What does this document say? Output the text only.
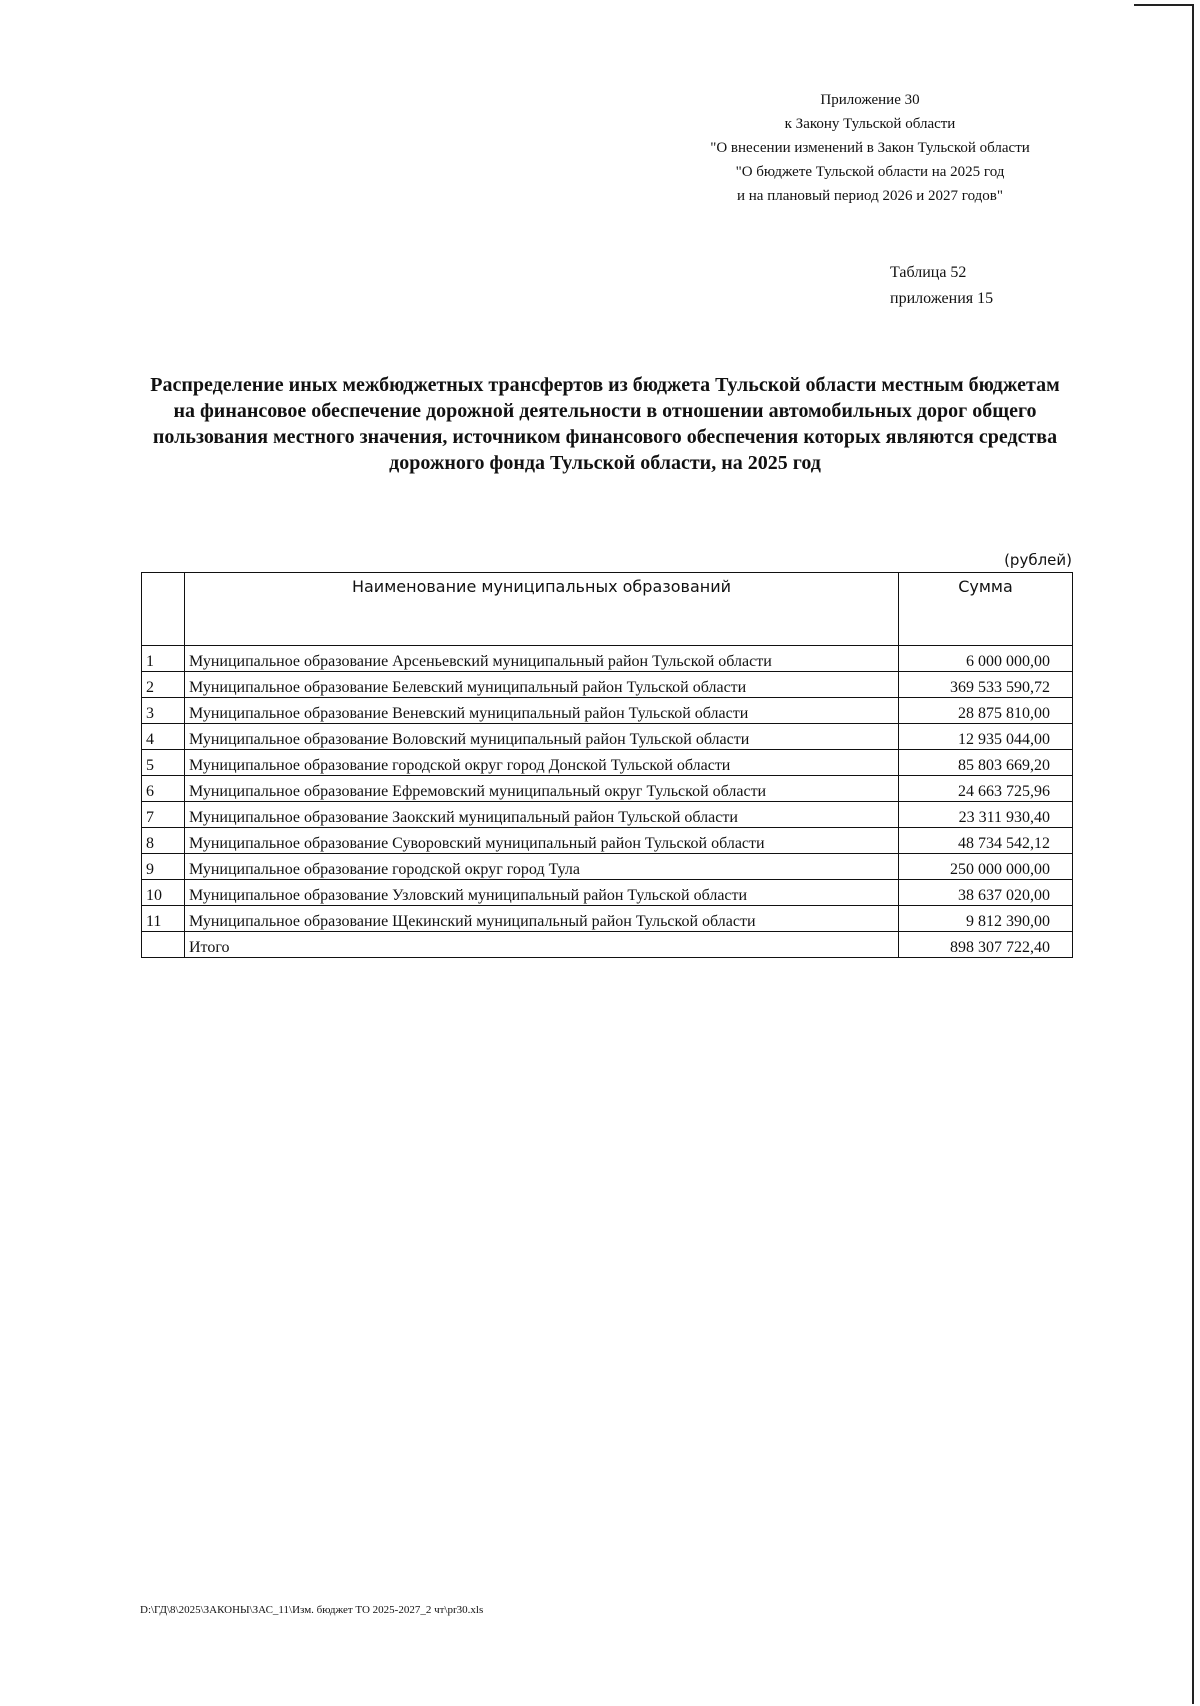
Приложение 30
к Закону Тульской области
"О внесении изменений в Закон Тульской области
"О бюджете Тульской области на 2025 год
и на плановый период 2026 и 2027 годов"
Таблица 52
приложения 15
Распределение иных межбюджетных трансфертов из бюджета Тульской области местным бюджетам на финансовое обеспечение дорожной деятельности в отношении автомобильных дорог общего пользования местного значения, источником финансового обеспечения которых являются средства дорожного фонда Тульской области, на 2025 год
(рублей)
	Наименование муниципальных образований	Сумма
1	Муниципальное образование Арсеньевский муниципальный район Тульской области	6 000 000,00
2	Муниципальное образование Белевский муниципальный район Тульской области	369 533 590,72
3	Муниципальное образование Веневский муниципальный район Тульской области	28 875 810,00
4	Муниципальное образование Воловский муниципальный район Тульской области	12 935 044,00
5	Муниципальное образование городской округ город Донской Тульской области	85 803 669,20
6	Муниципальное образование Ефремовский муниципальный округ Тульской области	24 663 725,96
7	Муниципальное образование Заокский муниципальный район Тульской области	23 311 930,40
8	Муниципальное образование Суворовский муниципальный район Тульской области	48 734 542,12
9	Муниципальное образование городской округ город Тула	250 000 000,00
10	Муниципальное образование Узловский муниципальный район Тульской области	38 637 020,00
11	Муниципальное образование Щекинский муниципальный район Тульской области	9 812 390,00
	Итого	898 307 722,40
D:\ГД\8\2025\ЗАКОНЫ\ЗАС_11\Изм. бюджет ТО 2025-2027_2 чт\pr30.xls
